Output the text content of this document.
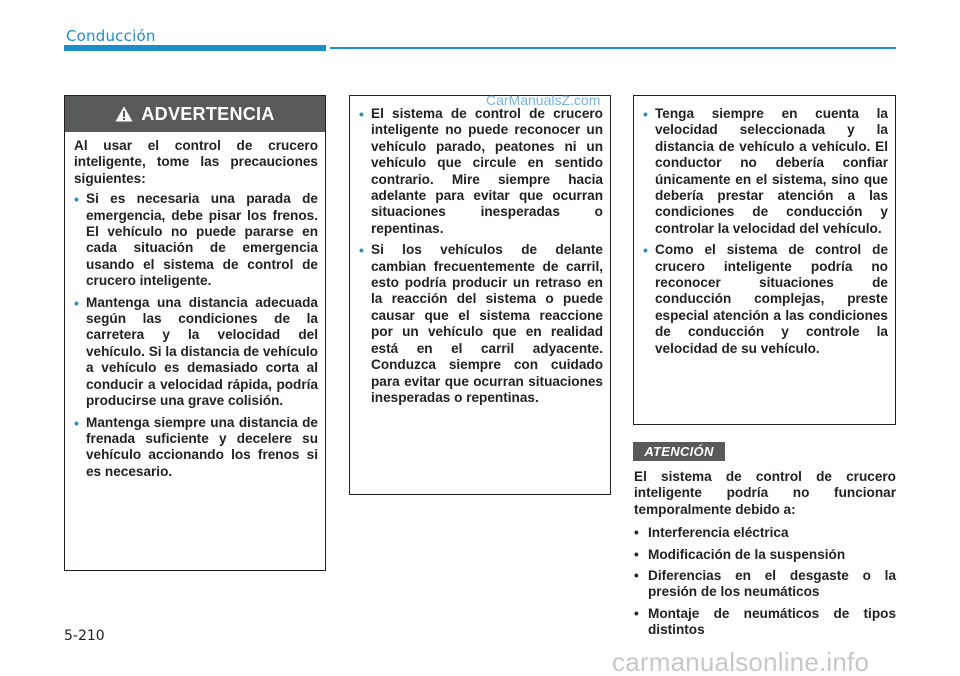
Conducción
ADVERTENCIA

Al usar el control de crucero inteligente, tome las precauciones siguientes:

• Si es necesaria una parada de emergencia, debe pisar los frenos. El vehículo no puede pararse en cada situación de emergencia usando el sistema de control de crucero inteligente.
• Mantenga una distancia adecuada según las condiciones de la carretera y la velocidad del vehículo. Si la distancia de vehículo a vehículo es demasiado corta al conducir a velocidad rápida, podría producirse una grave colisión.
• Mantenga siempre una distancia de frenada suficiente y decelere su vehículo accionando los frenos si es necesario.
• El sistema de control de crucero inteligente no puede reconocer un vehículo parado, peatones ni un vehículo que circule en sentido contrario. Mire siempre hacia adelante para evitar que ocurran situaciones inesperadas o repentinas.
• Si los vehículos de delante cambian frecuentemente de carril, esto podría producir un retraso en la reacción del sistema o puede causar que el sistema reaccione por un vehículo que en realidad está en el carril adyacente. Conduzca siempre con cuidado para evitar que ocurran situaciones inesperadas o repentinas.
• Tenga siempre en cuenta la velocidad seleccionada y la distancia de vehículo a vehículo. El conductor no debería confiar únicamente en el sistema, sino que debería prestar atención a las condiciones de conducción y controlar la velocidad del vehículo.
• Como el sistema de control de crucero inteligente podría no reconocer situaciones de conducción complejas, preste especial atención a las condiciones de conducción y controle la velocidad de su vehículo.
ATENCIÓN

El sistema de control de crucero inteligente podría no funcionar temporalmente debido a:

• Interferencia eléctrica
• Modificación de la suspensión
• Diferencias en el desgaste o la presión de los neumáticos
• Montaje de neumáticos de tipos distintos
5-210
CarManualsZ.com
carmanualsonline.info
